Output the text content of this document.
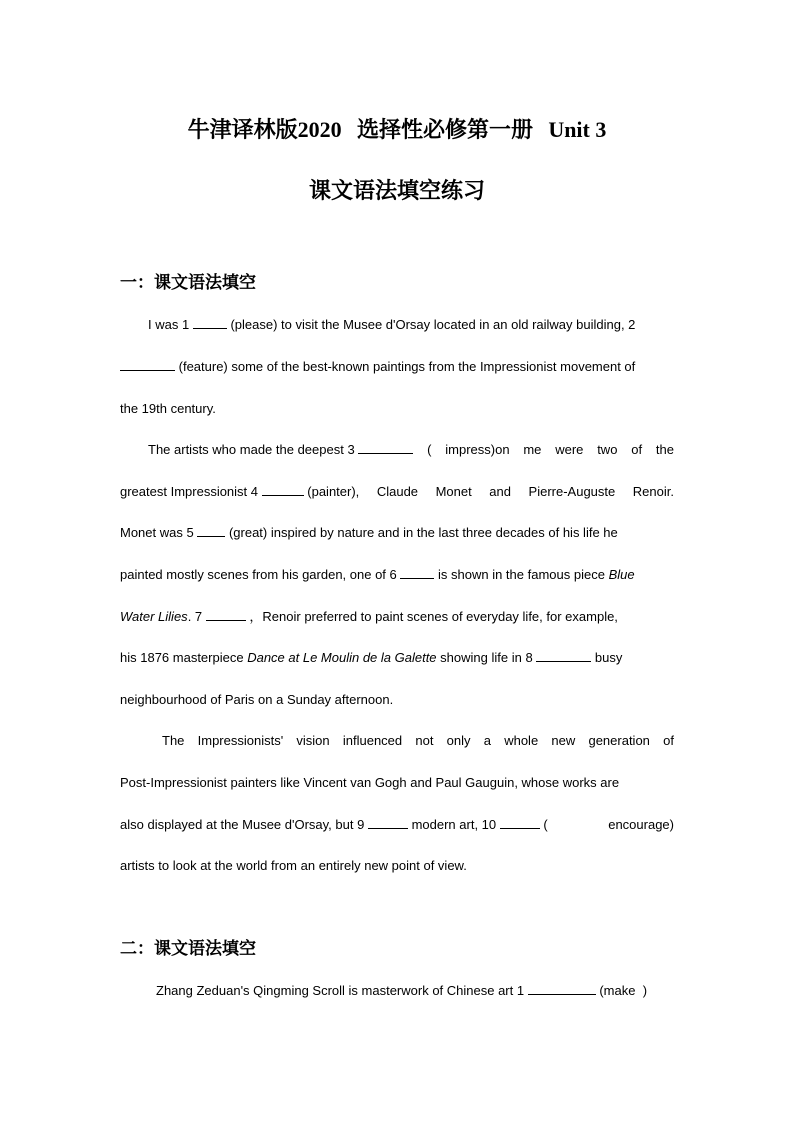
牛津译林版2020 选择性必修第一册 Unit 3
课文语法填空练习
一：课文语法填空
I was 1	(please) to visit the Musee d'Orsay located in an old railway building, 2
(feature) some of the best-known paintings from the Impressionist movement of
the 19th century.
The artists who made the deepest 3	( impress)on me were two of the
greatest Impressionist 4	(painter), Claude Monet and Pierre-Auguste Renoir.
Monet was 5	(great) inspired by nature and in the last three decades of his life he
painted mostly scenes from his garden, one of 6	is shown in the famous piece Blue
Water Lilies. 7	，Renoir preferred to paint scenes of everyday life, for example,
his 1876 masterpiece Dance at Le Moulin de la Galette showing life in 8	busy
neighbourhood of Paris on a Sunday afternoon.
The Impressionists' vision influenced not only a whole new generation of
Post-Impressionist painters like Vincent van Gogh and Paul Gauguin, whose works are
also displayed at the Musee d'Orsay, but 9	modern art, 10	(	encourage)
artists to look at the world from an entirely new point of view.
二：课文语法填空
Zhang Zeduan's Qingming Scroll is masterwork of Chinese art 1	(make )
